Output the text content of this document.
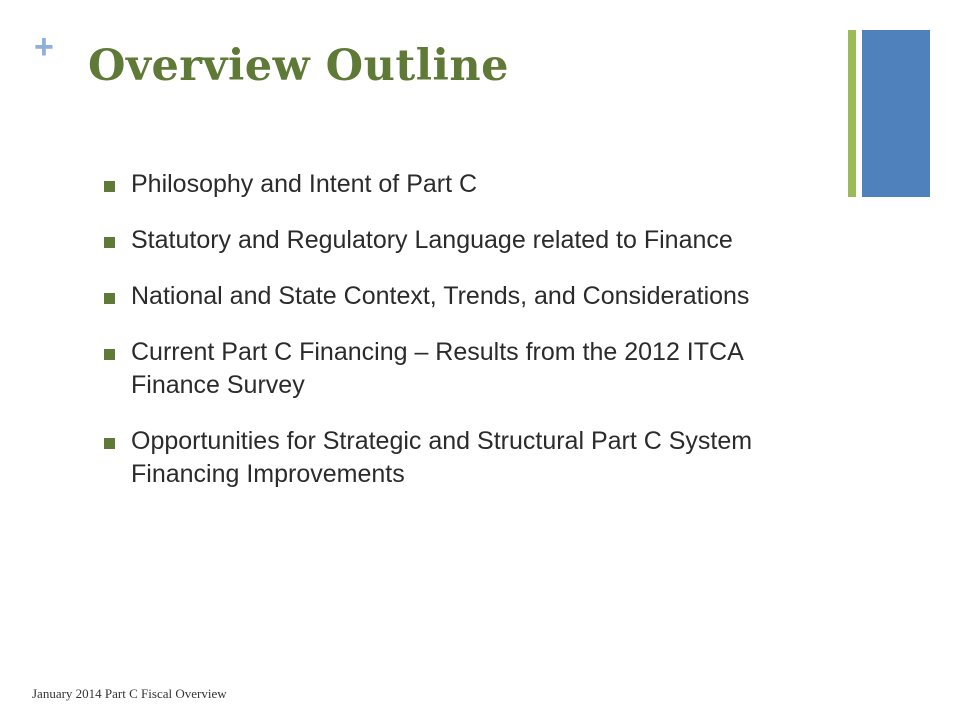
+ Overview Outline
Philosophy and Intent of Part C
Statutory and Regulatory Language related to Finance
National and State Context, Trends, and Considerations
Current Part C Financing – Results from the 2012 ITCA Finance Survey
Opportunities for Strategic and Structural Part C System Financing Improvements
January 2014 Part C Fiscal Overview
